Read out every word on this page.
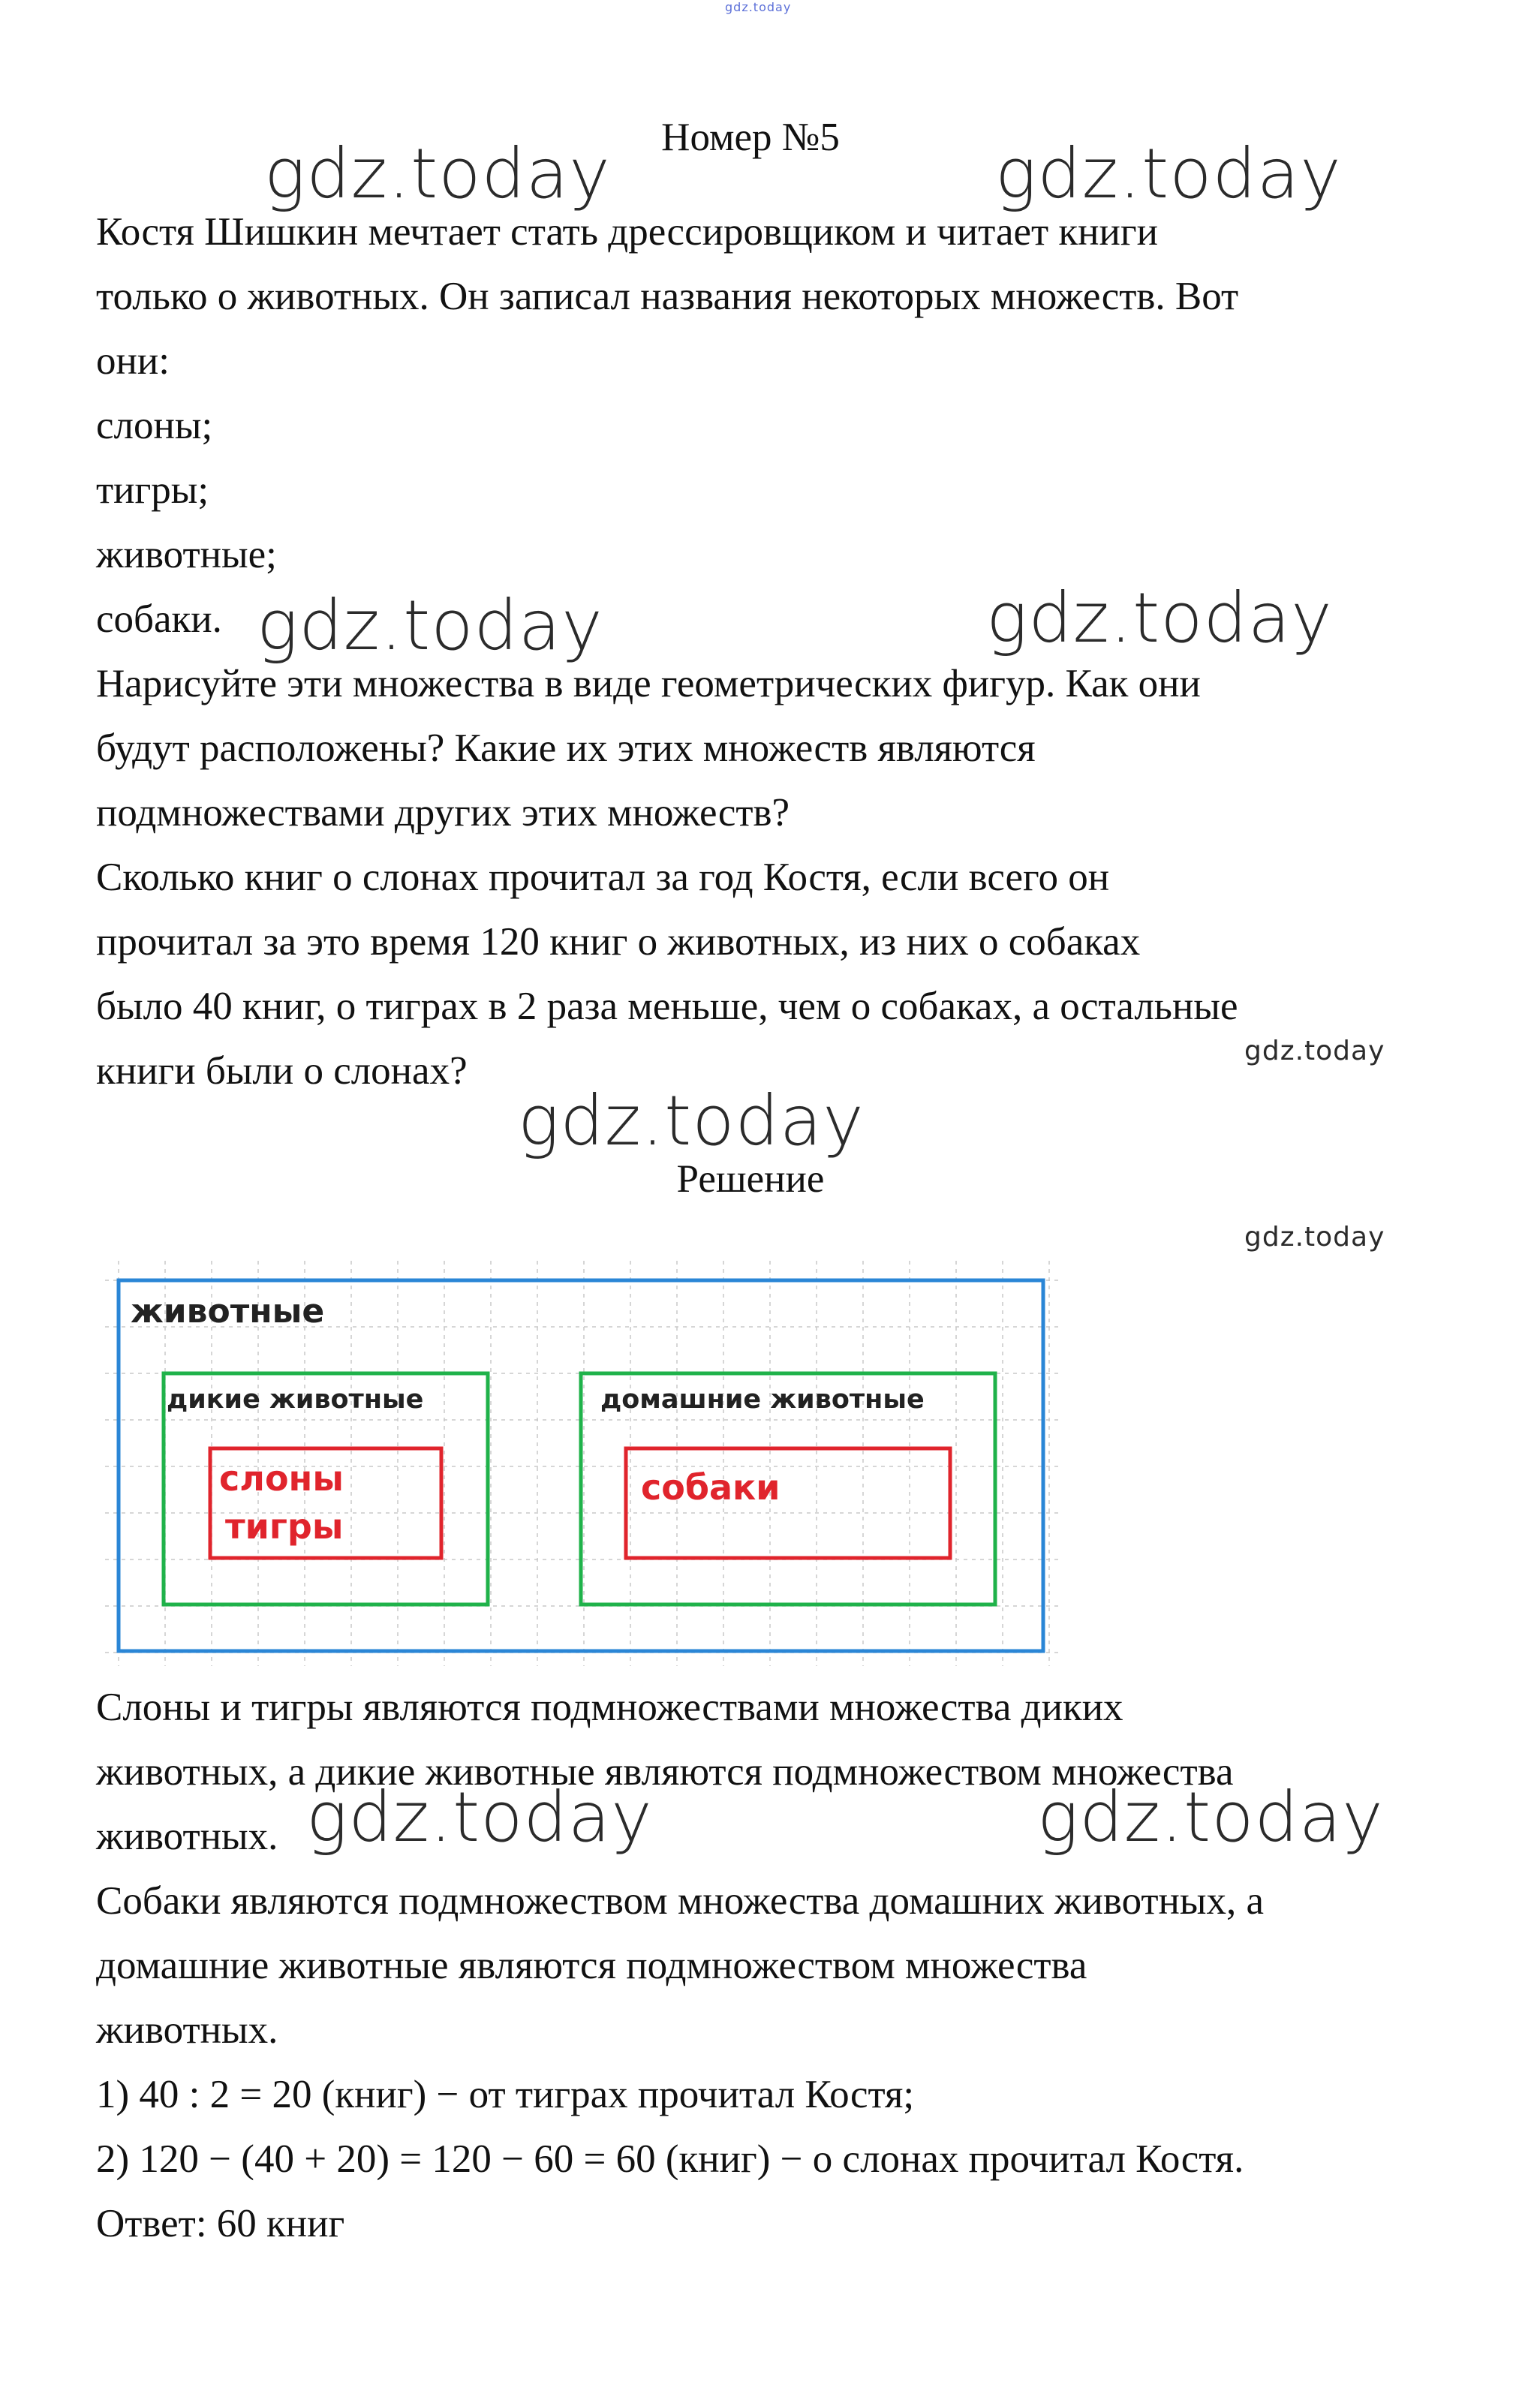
gdz.today
Номер №5
Костя Шишкин мечтает стать дрессировщиком и читает книги
только о животных. Он записал названия некоторых множеств. Вот
они:
слоны;
тигры;
животные;
собаки.
Нарисуйте эти множества в виде геометрических фигур. Как они
будут расположены? Какие их этих множеств являются
подмножествами других этих множеств?
Сколько книг о слонах прочитал за год Костя, если всего он
прочитал за это время 120 книг о животных, из них о собаках
было 40 книг, о тиграх в 2 раза меньше, чем о собаках, а остальные
книги были о слонах?
Решение
животные
дикие животные	домашние животные
слоны
тигры
собаки
Слоны и тигры являются подмножествами множества диких
животных, а дикие животные являются подмножеством множества
животных.
Собаки являются подмножеством множества домашних животных, а
домашние животные являются подмножеством множества
животных.
1) 40 : 2 = 20 (книг) − от тиграх прочитал Костя;
2) 120 − (40 + 20) = 120 − 60 = 60 (книг) − о слонах прочитал Костя.
Ответ: 60 книг
gdz.today	gdz.today
gdz.today	gdz.today
gdz.today
gdz.today	gdz.today
gdz.today
gdz.today
